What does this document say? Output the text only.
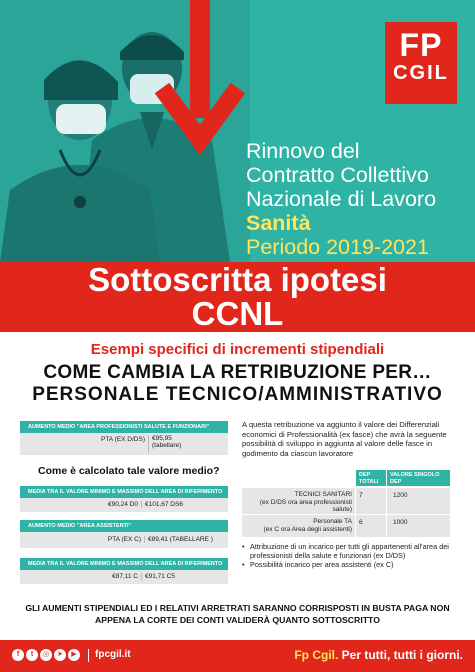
FP
CGIL
Rinnovo del
Contratto Collettivo
Nazionale di Lavoro
Sanità
Periodo 2019-2021
Sottoscritta ipotesi
CCNL
Esempi specifici di incrementi stipendiali
COME CAMBIA LA RETRIBUZIONE PER…
PERSONALE TECNICO/AMMINISTRATIVO
AUMENTO MEDIO "AREA PROFESSIONISTI SALUTE E FUNZIONARI"
PTA (EX D/DS)	€95,95
(tabellare)
Come è calcolato tale valore medio?
MEDIA TRA IL VALORE MINIMO E MASSIMO DELL'AREA DI RIFERIMENTO
€90,24 D0	€101,67 DS6
AUMENTO MEDIO "AREA ASSISTENTI"
PTA (EX C)	€89,41 (TABELLARE )
MEDIA TRA IL VALORE MINIMO E MASSIMO DELL'AREA DI RIFERIMENTO
€87,11 C	€91,71 C5
A questa retribuzione va aggiunto il valore dei Differenziali economici di Professionalità (ex fasce) che avrà la seguente possibilità di sviluppo in aggiunta al valore delle fasce in godimento da ciascun lavoratore
DEP TOTALI
VALORE SINGOLO DEP
TECNICI SANITARI
(ex D/DS ora area professionisti salute)
7	1200
Personale TA
(ex C ora Area degli assistenti)
6	1000
• Attribuzione di un incarico per tutti gli appartenenti all'area dei professionisti della salute e funzionari (ex D/DS)
• Possibilità incarico per area assistenti (ex C)
GLI AUMENTI STIPENDIALI ED I RELATIVI ARRETRATI SARANNO CORRISPOSTI IN BUSTA PAGA NON APPENA LA CORTE DEI CONTI VALIDERÀ QUANTO SOTTOSCRITTO
f	t	◎	➤	▶	fpcgil.it	Fp Cgil. Per tutti, tutti i giorni.
